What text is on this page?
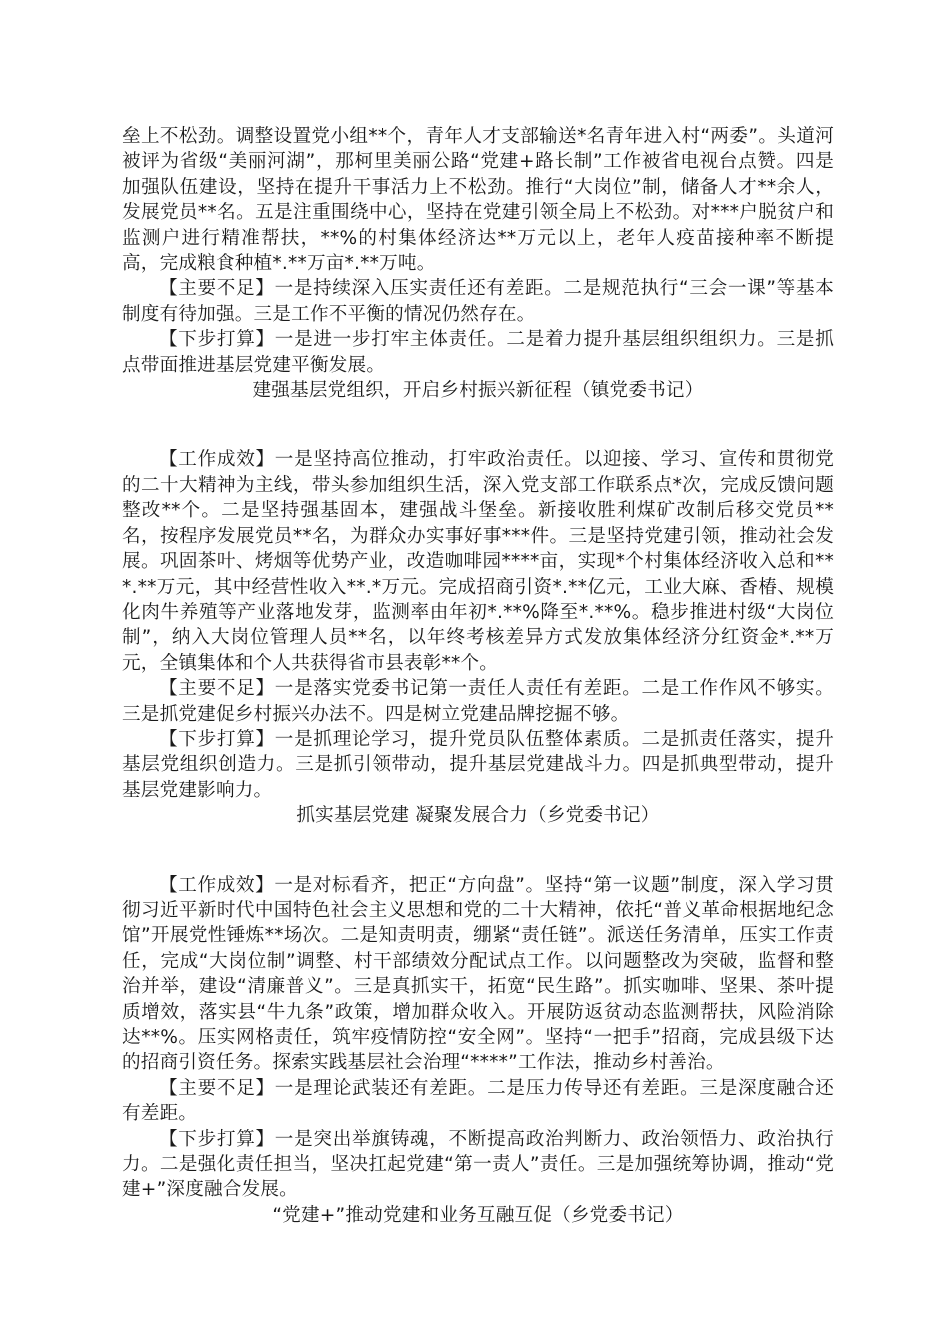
垒上不松劲。调整设置党小组**个，青年人才支部输送*名青年进入村“两委”。头道河被评为省级“美丽河湖”，那柯里美丽公路“党建+路长制”工作被省电视台点赞。四是加强队伍建设，坚持在提升干事活力上不松劲。推行“大岗位”制，储备人才**余人，发展党员**名。五是注重围绕中心，坚持在党建引领全局上不松劲。对***户脱贫户和监测户进行精准帮扶，**%的村集体经济达**万元以上，老年人疫苗接种率不断提高，完成粮食种植*.**万亩*.**万吨。

【主要不足】一是持续深入压实责任还有差距。二是规范执行“三会一课”等基本制度有待加强。三是工作不平衡的情况仍然存在。

【下步打算】一是进一步打牢主体责任。二是着力提升基层组织组织力。三是抓点带面推进基层党建平衡发展。

建强基层党组织，开启乡村振兴新征程（镇党委书记）

【工作成效】一是坚持高位推动，打牢政治责任。以迎接、学习、宣传和贯彻党的二十大精神为主线，带头参加组织生活，深入党支部工作联系点*次，完成反馈问题整改**个。二是坚持强基固本，建强战斗堡垒。新接收胜利煤矿改制后移交党员**名，按程序发展党员**名，为群众办实事好事***件。三是坚持党建引领，推动社会发展。巩固茶叶、烤烟等优势产业，改造咖啡园****亩，实现*个村集体经济收入总和***.**万元，其中经营性收入**.*万元。完成招商引资*.**亿元，工业大麻、香椿、规模化肉牛养殖等产业落地发芽，监测率由年初*.**%降至*.**%。稳步推进村级“大岗位制”，纳入大岗位管理人员**名，以年终考核差异方式发放集体经济分红资金*.**万元，全镇集体和个人共获得省市县表彰**个。

【主要不足】一是落实党委书记第一责任人责任有差距。二是工作作风不够实。三是抓党建促乡村振兴办法不。四是树立党建品牌挖掘不够。

【下步打算】一是抓理论学习，提升党员队伍整体素质。二是抓责任落实，提升基层党组织创造力。三是抓引领带动，提升基层党建战斗力。四是抓典型带动，提升基层党建影响力。

抓实基层党建 凝聚发展合力（乡党委书记）

【工作成效】一是对标看齐，把正“方向盘”。坚持“第一议题”制度，深入学习贯彻习近平新时代中国特色社会主义思想和党的二十大精神，依托“普义革命根据地纪念馆”开展党性锤炼**场次。二是知责明责，绷紧“责任链”。派送任务清单，压实工作责任，完成“大岗位制”调整、村干部绩效分配试点工作。以问题整改为突破，监督和整治并举，建设“清廉普义”。三是真抓实干，拓宽“民生路”。抓实咖啡、坚果、茶叶提质增效，落实县“牛九条”政策，增加群众收入。开展防返贫动态监测帮扶，风险消除达**%。压实网格责任，筑牢疫情防控“安全网”。坚持“一把手”招商，完成县级下达的招商引资任务。探索实践基层社会治理“****”工作法，推动乡村善治。

【主要不足】一是理论武装还有差距。二是压力传导还有差距。三是深度融合还有差距。

【下步打算】一是突出举旗铸魂，不断提高政治判断力、政治领悟力、政治执行力。二是强化责任担当，坚决扛起党建“第一责人”责任。三是加强统筹协调，推动“党建+”深度融合发展。

“党建+”推动党建和业务互融互促（乡党委书记）
